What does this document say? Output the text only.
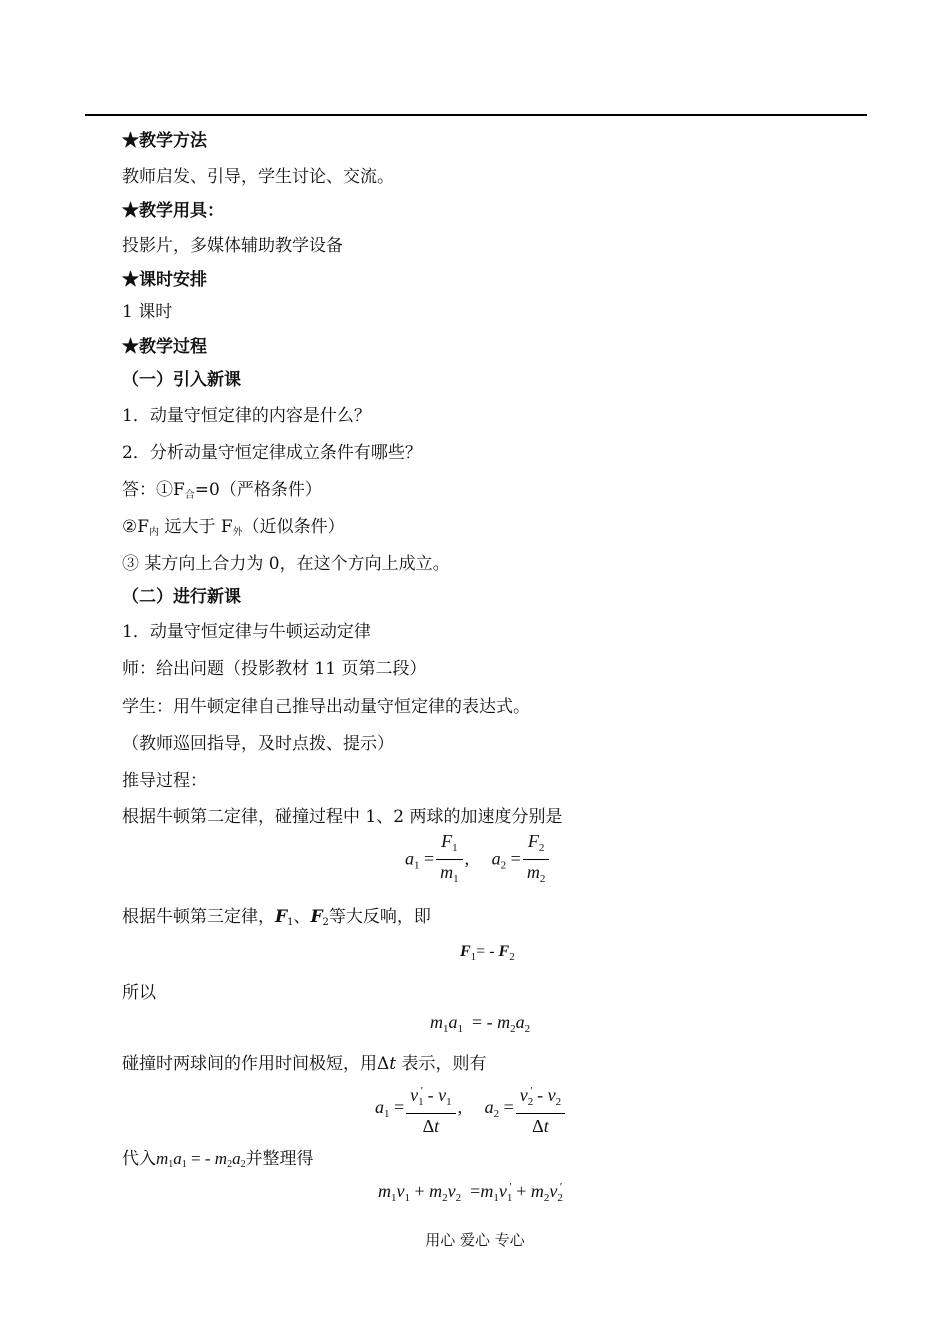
★教学方法
教师启发、引导，学生讨论、交流。
★教学用具：
投影片，多媒体辅助教学设备
★课时安排
1 课时
★教学过程
（一）引入新课
1．动量守恒定律的内容是什么？
2．分析动量守恒定律成立条件有哪些？
答：$①F_合=0$（严格条件）
$②F_内$ 远大于 $F_外$（近似条件）
③ 某方向上合力为 0，在这个方向上成立。
（二）进行新课
1．动量守恒定律与牛顿运动定律
师：给出问题（投影教材 11 页第二段）
学生：用牛顿定律自己推导出动量守恒定律的表达式。
（教师巡回指导，及时点拨、提示）
推导过程：
根据牛顿第二定律，碰撞过程中 1、2 两球的加速度分别是
$a_1 = \frac{F_1}{m_1}$ ,     $a_2 = \frac{F_2}{m_2}$
根据牛顿第三定律，$F_1$、$F_2$等大反响，即
$F_1= - F_2$
所以
$m_1a_1$  = - $m_2a_2$
碰撞时两球间的作用时间极短，用Δt 表示，则有
$a_1 = \frac{v_1' - v_1}{\Delta t}$ ,     $a_2 = \frac{v_2' - v_2}{\Delta t}$
代入$m_1a_1$ = - $m_2a_2$并整理得
$m_1v_1 + m_2v_2 =m_1v_1' + m_2v_2'$
用心 爱心 专心
